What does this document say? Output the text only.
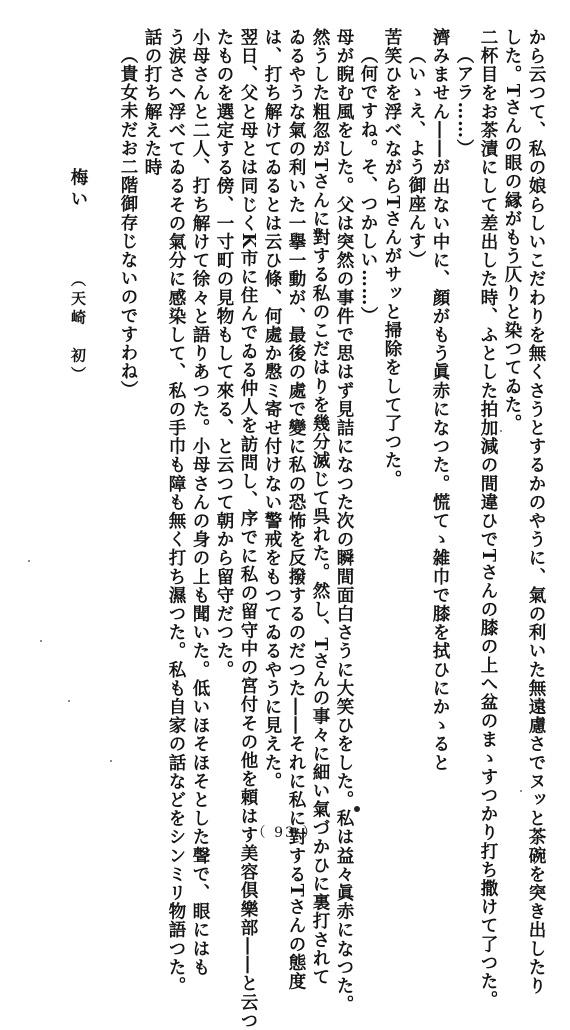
から云つて、私の娘らしいこだわりを無くさうとするかのやうに、氣の利いた無遠慮さでヌッと茶碗を突き出したり
した。Tさんの眼の縁がもう仄りと染つてゐた。
二杯目をお茶漬にして差出した時、ふとした拍加減の間違ひでTさんの膝の上へ盆のまゝすつかり打ち撒けて了つた。
（アラ……）
濟みません――が出ない中に、顔がもう眞赤になつた。慌てゝ雑巾で膝を拭ひにかゝると
（いゝえ、よう御座んす）
苦笑ひを浮べながらTさんがサッと掃除をして了つた。
（何ですね。そ、つかしい……）
母が睨む風をした。父は突然の事件で思はず見詰になつた次の瞬間面白さうに大笑ひをした。私は益々眞赤になつた。
然うした粗忽がTさんに對する私のこだはりを幾分滅じて呉れた。然し、Tさんの事々に細い氣づかひに裏打されて
ゐるやうな氣の利いた一擧一動が、最後の處で變に私の恐怖を反撥するのだつた――それに私に對するTさんの態度
は、打ち解けてゐるとは云ひ條、何處か慇ミ寄せ付けない警戒をもつてゐるやうに見えた。
翌日、父と母とは同じくK市に住んでゐる仲人を訪問し、序でに私の留守中の宮付その他を頼はす美容倶樂部――と云つ
たものを選定する傍、一寸町の見物もして來る、と云つて朝から留守だつた。
小母さんと二人、打ち解けて徐々と語りあつた。小母さんの身の上も聞いた。低いほそほそとした聲で、眼にはも
う涙さへ浮べてゐるその氣分に感染して、私の手巾も障も無く打ち濕つた。私も自家の話などをシンミリ物語つた。
話の打ち解えた時
（貴女未だお二階御存じないのですわね）
梅い  （天崎　初）
（ 93 ）
